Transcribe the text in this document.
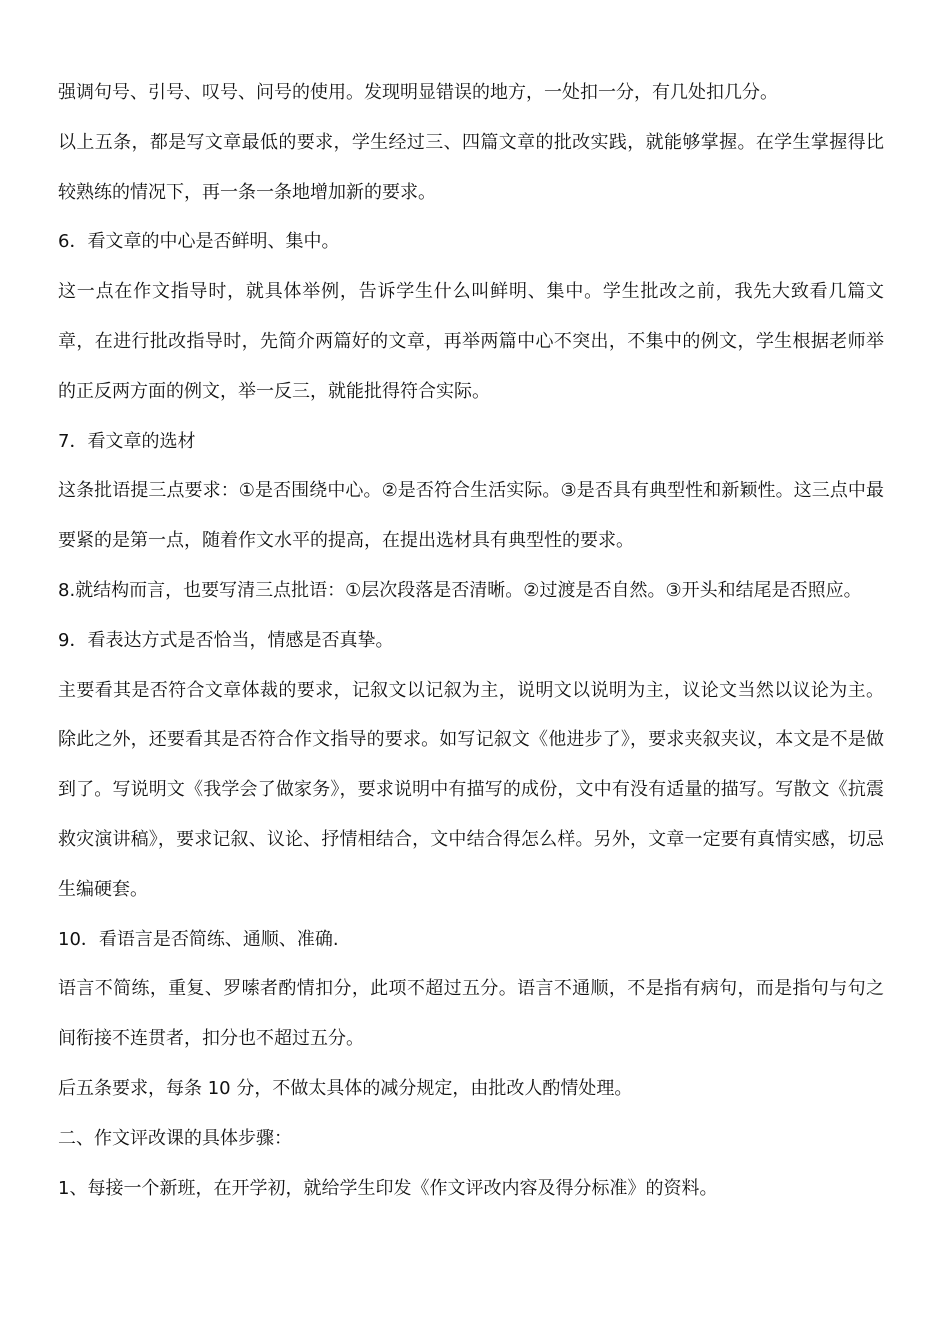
强调句号、引号、叹号、问号的使用。发现明显错误的地方，一处扣一分，有几处扣几分。

以上五条，都是写文章最低的要求，学生经过三、四篇文章的批改实践，就能够掌握。在学生掌握得比较熟练的情况下，再一条一条地增加新的要求。

6．看文章的中心是否鲜明、集中。

这一点在作文指导时，就具体举例，告诉学生什么叫鲜明、集中。学生批改之前，我先大致看几篇文章，在进行批改指导时，先简介两篇好的文章，再举两篇中心不突出，不集中的例文，学生根据老师举的正反两方面的例文，举一反三，就能批得符合实际。

7．看文章的选材

这条批语提三点要求：①是否围绕中心。②是否符合生活实际。③是否具有典型性和新颖性。这三点中最要紧的是第一点，随着作文水平的提高，在提出选材具有典型性的要求。

8.就结构而言，也要写清三点批语：①层次段落是否清晰。②过渡是否自然。③开头和结尾是否照应。

9．看表达方式是否恰当，情感是否真挚。

主要看其是否符合文章体裁的要求，记叙文以记叙为主，说明文以说明为主，议论文当然以议论为主。除此之外，还要看其是否符合作文指导的要求。如写记叙文《他进步了》，要求夹叙夹议，本文是不是做到了。写说明文《我学会了做家务》，要求说明中有描写的成份，文中有没有适量的描写。写散文《抗震救灾演讲稿》，要求记叙、议论、抒情相结合，文中结合得怎么样。另外，文章一定要有真情实感，切忌生编硬套。

10．看语言是否简练、通顺、准确.

语言不简练，重复、罗嗦者酌情扣分，此项不超过五分。语言不通顺，不是指有病句，而是指句与句之间衔接不连贯者，扣分也不超过五分。

后五条要求，每条 10 分，不做太具体的减分规定，由批改人酌情处理。

二、作文评改课的具体步骤：

1、每接一个新班，在开学初，就给学生印发《作文评改内容及得分标准》的资料。
